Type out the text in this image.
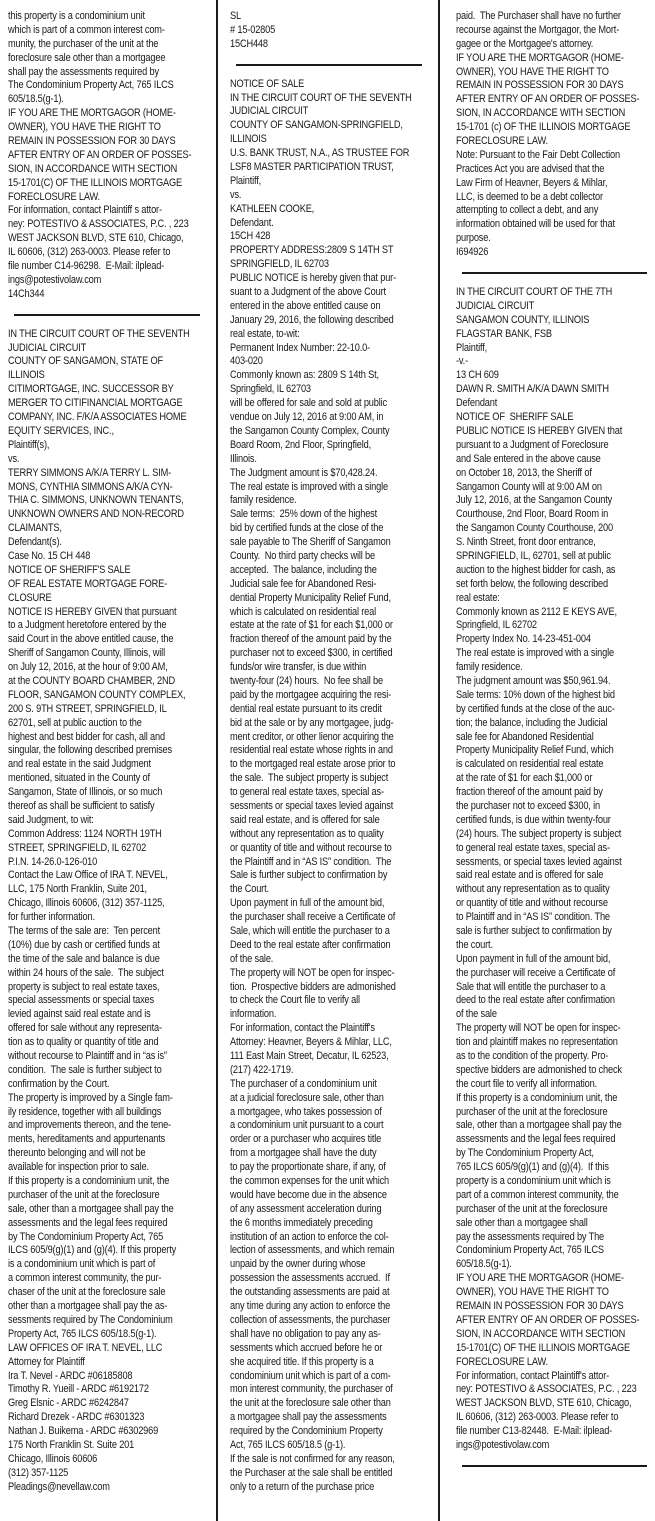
this property is a condominium unit
which is part of a common interest com-
munity, the purchaser of the unit at the
foreclosure sale other than a mortgagee
shall pay the assessments required by
The Condominium Property Act, 765 ILCS
605/18.5(g-1).
IF YOU ARE THE MORTGAGOR (HOME-
OWNER), YOU HAVE THE RIGHT TO
REMAIN IN POSSESSION FOR 30 DAYS
AFTER ENTRY OF AN ORDER OF POSSES-
SION, IN ACCORDANCE WITH SECTION
15-1701(C) OF THE ILLINOIS MORTGAGE
FORECLOSURE LAW.
For information, contact Plaintiff s attor-
ney: POTESTIVO & ASSOCIATES, P.C. , 223
WEST JACKSON BLVD, STE 610, Chicago,
IL 60606, (312) 263-0003. Please refer to
file number C14-96298.  E-Mail: ilplead-
ings@potestivolaw.com
14Ch344
IN THE CIRCUIT COURT OF THE SEVENTH
JUDICIAL CIRCUIT
COUNTY OF SANGAMON, STATE OF
ILLINOIS
CITIMORTGAGE, INC. SUCCESSOR BY
MERGER TO CITIFINANCIAL MORTGAGE
COMPANY, INC. F/K/A ASSOCIATES HOME
EQUITY SERVICES, INC.,
Plaintiff(s),
vs.
TERRY SIMMONS A/K/A TERRY L. SIM-
MONS, CYNTHIA SIMMONS A/K/A CYN-
THIA C. SIMMONS, UNKNOWN TENANTS,
UNKNOWN OWNERS AND NON-RECORD
CLAIMANTS,
Defendant(s).
Case No. 15 CH 448
NOTICE OF SHERIFF'S SALE
OF REAL ESTATE MORTGAGE FORE-
CLOSURE
NOTICE IS HEREBY GIVEN that pursuant
to a Judgment heretofore entered by the
said Court in the above entitled cause, the
Sheriff of Sangamon County, Illinois, will
on July 12, 2016, at the hour of 9:00 AM,
at the COUNTY BOARD CHAMBER, 2ND
FLOOR, SANGAMON COUNTY COMPLEX,
200 S. 9TH STREET, SPRINGFIELD, IL
62701, sell at public auction to the
highest and best bidder for cash, all and
singular, the following described premises
and real estate in the said Judgment
mentioned, situated in the County of
Sangamon, State of Illinois, or so much
thereof as shall be sufficient to satisfy
said Judgment, to wit:
Common Address: 1124 NORTH 19TH
STREET, SPRINGFIELD, IL 62702
P.I.N. 14-26.0-126-010
Contact the Law Office of IRA T. NEVEL,
LLC, 175 North Franklin, Suite 201,
Chicago, Illinois 60606, (312) 357-1125,
for further information.
The terms of the sale are:  Ten percent
(10%) due by cash or certified funds at
the time of the sale and balance is due
within 24 hours of the sale.  The subject
property is subject to real estate taxes,
special assessments or special taxes
levied against said real estate and is
offered for sale without any representa-
tion as to quality or quantity of title and
without recourse to Plaintiff and in “as is”
condition.  The sale is further subject to
confirmation by the Court.
The property is improved by a Single fam-
ily residence, together with all buildings
and improvements thereon, and the tene-
ments, hereditaments and appurtenants
thereunto belonging and will not be
available for inspection prior to sale.
If this property is a condominium unit, the
purchaser of the unit at the foreclosure
sale, other than a mortgagee shall pay the
assessments and the legal fees required
by The Condominium Property Act, 765
ILCS 605/9(g)(1) and (g)(4). If this property
is a condominium unit which is part of
a common interest community, the pur-
chaser of the unit at the foreclosure sale
other than a mortgagee shall pay the as-
sessments required by The Condominium
Property Act, 765 ILCS 605/18.5(g-1).
LAW OFFICES OF IRA T. NEVEL, LLC
Attorney for Plaintiff
Ira T. Nevel - ARDC #06185808
Timothy R. Yueill - ARDC #6192172
Greg Elsnic - ARDC #6242847
Richard Drezek - ARDC #6301323
Nathan J. Buikema - ARDC #6302969
175 North Franklin St. Suite 201
Chicago, Illinois 60606
(312) 357-1125
Pleadings@nevellaw.com
SL
# 15-02805
15CH448
NOTICE OF SALE
IN THE CIRCUIT COURT OF THE SEVENTH
JUDICIAL CIRCUIT
COUNTY OF SANGAMON-SPRINGFIELD,
ILLINOIS
U.S. BANK TRUST, N.A., AS TRUSTEE FOR
LSF8 MASTER PARTICIPATION TRUST,
Plaintiff,
vs.
KATHLEEN COOKE,
Defendant.
15CH 428
PROPERTY ADDRESS:2809 S 14TH ST
SPRINGFIELD, IL 62703
PUBLIC NOTICE is hereby given that pur-
suant to a Judgment of the above Court
entered in the above entitled cause on
January 29, 2016, the following described
real estate, to-wit:
Permanent Index Number: 22-10.0-
403-020
Commonly known as: 2809 S 14th St,
Springfield, IL 62703
will be offered for sale and sold at public
vendue on July 12, 2016 at 9:00 AM, in
the Sangamon County Complex, County
Board Room, 2nd Floor, Springfield,
Illinois.
The Judgment amount is $70,428.24.
The real estate is improved with a single
family residence.
Sale terms:  25% down of the highest
bid by certified funds at the close of the
sale payable to The Sheriff of Sangamon
County.  No third party checks will be
accepted.  The balance, including the
Judicial sale fee for Abandoned Resi-
dential Property Municipality Relief Fund,
which is calculated on residential real
estate at the rate of $1 for each $1,000 or
fraction thereof of the amount paid by the
purchaser not to exceed $300, in certified
funds/or wire transfer, is due within
twenty-four (24) hours.  No fee shall be
paid by the mortgagee acquiring the resi-
dential real estate pursuant to its credit
bid at the sale or by any mortgagee, judg-
ment creditor, or other lienor acquiring the
residential real estate whose rights in and
to the mortgaged real estate arose prior to
the sale.  The subject property is subject
to general real estate taxes, special as-
sessments or special taxes levied against
said real estate, and is offered for sale
without any representation as to quality
or quantity of title and without recourse to
the Plaintiff and in “AS IS” condition.  The
Sale is further subject to confirmation by
the Court.
Upon payment in full of the amount bid,
the purchaser shall receive a Certificate of
Sale, which will entitle the purchaser to a
Deed to the real estate after confirmation
of the sale.
The property will NOT be open for inspec-
tion.  Prospective bidders are admonished
to check the Court file to verify all
information.
For information, contact the Plaintiff's
Attorney: Heavner, Beyers & Mihlar, LLC,
111 East Main Street, Decatur, IL 62523,
(217) 422-1719.
The purchaser of a condominium unit
at a judicial foreclosure sale, other than
a mortgagee, who takes possession of
a condominium unit pursuant to a court
order or a purchaser who acquires title
from a mortgagee shall have the duty
to pay the proportionate share, if any, of
the common expenses for the unit which
would have become due in the absence
of any assessment acceleration during
the 6 months immediately preceding
institution of an action to enforce the col-
lection of assessments, and which remain
unpaid by the owner during whose
possession the assessments accrued.  If
the outstanding assessments are paid at
any time during any action to enforce the
collection of assessments, the purchaser
shall have no obligation to pay any as-
sessments which accrued before he or
she acquired title. If this property is a
condominium unit which is part of a com-
mon interest community, the purchaser of
the unit at the foreclosure sale other than
a mortgagee shall pay the assessments
required by the Condominium Property
Act, 765 ILCS 605/18.5 (g-1).
If the sale is not confirmed for any reason,
the Purchaser at the sale shall be entitled
only to a return of the purchase price
paid.  The Purchaser shall have no further
recourse against the Mortgagor, the Mort-
gagee or the Mortgagee's attorney.
IF YOU ARE THE MORTGAGOR (HOME-
OWNER), YOU HAVE THE RIGHT TO
REMAIN IN POSSESSION FOR 30 DAYS
AFTER ENTRY OF AN ORDER OF POSSES-
SION, IN ACCORDANCE WITH SECTION
15-1701 (c) OF THE ILLINOIS MORTGAGE
FORECLOSURE LAW.
Note: Pursuant to the Fair Debt Collection
Practices Act you are advised that the
Law Firm of Heavner, Beyers & Mihlar,
LLC, is deemed to be a debt collector
attempting to collect a debt, and any
information obtained will be used for that
purpose.
I694926
IN THE CIRCUIT COURT OF THE 7TH
JUDICIAL CIRCUIT
SANGAMON COUNTY, ILLINOIS
FLAGSTAR BANK, FSB
Plaintiff,
-v.-
13 CH 609
DAWN R. SMITH A/K/A DAWN SMITH
Defendant
NOTICE OF  SHERIFF SALE
PUBLIC NOTICE IS HEREBY GIVEN that
pursuant to a Judgment of Foreclosure
and Sale entered in the above cause
on October 18, 2013, the Sheriff of
Sangamon County will at 9:00 AM on
July 12, 2016, at the Sangamon County
Courthouse, 2nd Floor, Board Room in
the Sangamon County Courthouse, 200
S. Ninth Street, front door entrance,
SPRINGFIELD, IL, 62701, sell at public
auction to the highest bidder for cash, as
set forth below, the following described
real estate:
Commonly known as 2112 E KEYS AVE,
Springfield, IL 62702
Property Index No. 14-23-451-004
The real estate is improved with a single
family residence.
The judgment amount was $50,961.94.
Sale terms: 10% down of the highest bid
by certified funds at the close of the auc-
tion; the balance, including the Judicial
sale fee for Abandoned Residential
Property Municipality Relief Fund, which
is calculated on residential real estate
at the rate of $1 for each $1,000 or
fraction thereof of the amount paid by
the purchaser not to exceed $300, in
certified funds, is due within twenty-four
(24) hours. The subject property is subject
to general real estate taxes, special as-
sessments, or special taxes levied against
said real estate and is offered for sale
without any representation as to quality
or quantity of title and without recourse
to Plaintiff and in “AS IS” condition. The
sale is further subject to confirmation by
the court.
Upon payment in full of the amount bid,
the purchaser will receive a Certificate of
Sale that will entitle the purchaser to a
deed to the real estate after confirmation
of the sale
The property will NOT be open for inspec-
tion and plaintiff makes no representation
as to the condition of the property. Pro-
spective bidders are admonished to check
the court file to verify all information.
If this property is a condominium unit, the
purchaser of the unit at the foreclosure
sale, other than a mortgagee shall pay the
assessments and the legal fees required
by The Condominium Property Act,
765 ILCS 605/9(g)(1) and (g)(4).  If this
property is a condominium unit which is
part of a common interest community, the
purchaser of the unit at the foreclosure
sale other than a mortgagee shall
pay the assessments required by The
Condominium Property Act, 765 ILCS
605/18.5(g-1).
IF YOU ARE THE MORTGAGOR (HOME-
OWNER), YOU HAVE THE RIGHT TO
REMAIN IN POSSESSION FOR 30 DAYS
AFTER ENTRY OF AN ORDER OF POSSES-
SION, IN ACCORDANCE WITH SECTION
15-1701(C) OF THE ILLINOIS MORTGAGE
FORECLOSURE LAW.
For information, contact Plaintiff's attor-
ney: POTESTIVO & ASSOCIATES, P.C. , 223
WEST JACKSON BLVD, STE 610, Chicago,
IL 60606, (312) 263-0003. Please refer to
file number C13-82448.  E-Mail: ilplead-
ings@potestivolaw.com
